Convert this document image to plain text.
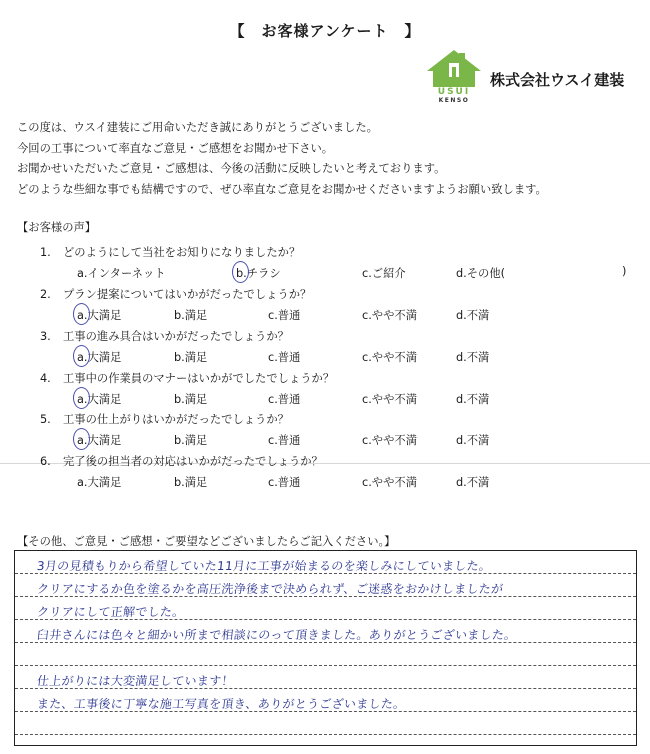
【　お客様アンケート　】
USUI
KENSO
株式会社ウスイ建装

この度は、ウスイ建装にご用命いただき誠にありがとうございました。

今回の工事について率直なご意見・ご感想をお聞かせ下さい。

お聞かせいただいたご意見・ご感想は、今後の活動に反映したいと考えております。

どのような些細な事でも結構ですので、ぜひ率直なご意見をお聞かせくださいますようお願い致します。

【お客様の声】
1. どのようにして当社をお知りになりましたか？
a.インターネット	b.チラシ	c.ご紹介	d.その他(	)
2. プラン提案についてはいかがだったでしょうか？
a.大満足	b.満足	c.普通	c.やや不満	d.不満
3. 工事の進み具合はいかがだったでしょうか？
a.大満足	b.満足	c.普通	c.やや不満	d.不満
4. 工事中の作業員のマナーはいかがでしたでしょうか？
a.大満足	b.満足	c.普通	c.やや不満	d.不満
5. 工事の仕上がりはいかがだったでしょうか？
a.大満足	b.満足	c.普通	c.やや不満	d.不満
6. 完了後の担当者の対応はいかがだったでしょうか？
a.大満足	b.満足	c.普通	c.やや不満	d.不満
【その他、ご意見・ご感想・ご要望などございましたらご記入ください。】
3月の見積もりから希望していた11月に工事が始まるのを楽しみにしていました。
クリアにするか色を塗るかを高圧洗浄後まで決められず、ご迷惑をおかけしましたが
クリアにして正解でした。
臼井さんには色々と細かい所まで相談にのって頂きました。ありがとうございました。
仕上がりには大変満足しています！
また、工事後に丁寧な施工写真を頂き、ありがとうございました。
